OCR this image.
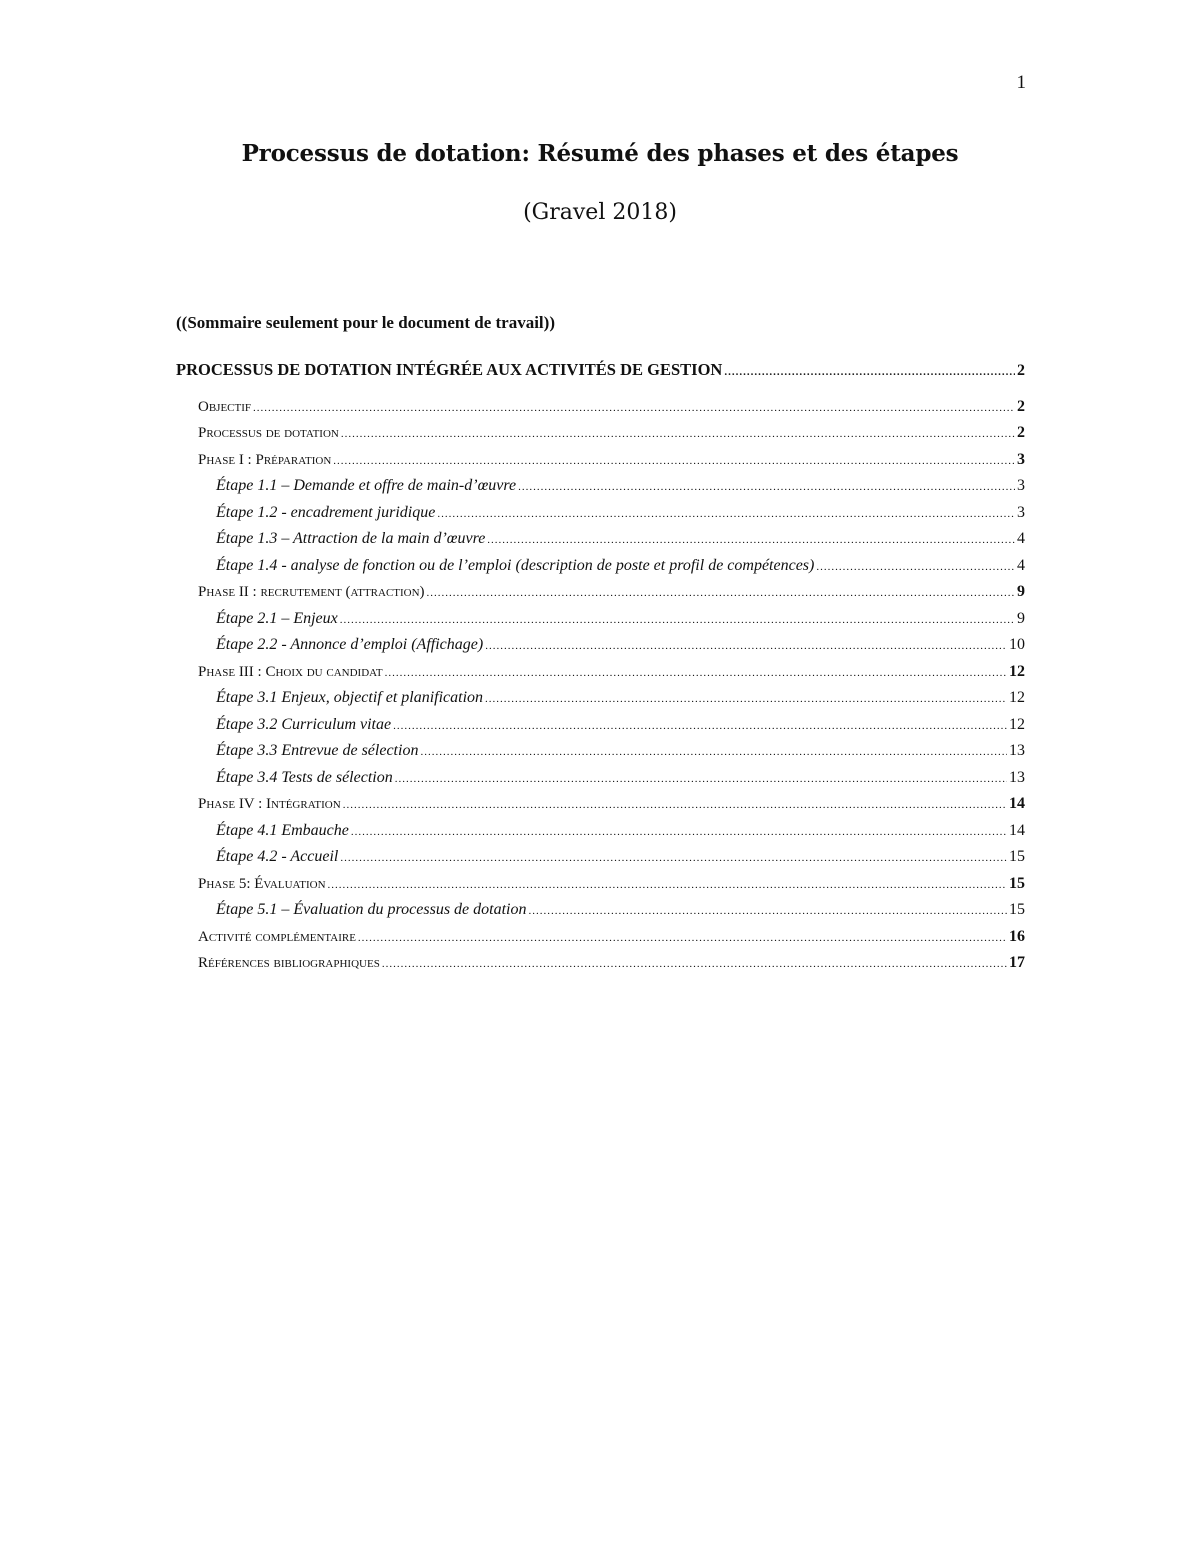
1
Processus de dotation: Résumé des phases et des étapes
(Gravel 2018)
((Sommaire seulement pour le document de travail))
PROCESSUS DE DOTATION INTÉGRÉE AUX ACTIVITÉS DE GESTION .....	2
Objectif .....	2
Processus de dotation .....	2
Phase I : Préparation .....	3
Étape 1.1 – Demande et offre de main-d’œuvre .....	3
Étape 1.2 - encadrement juridique .....	3
Étape 1.3 – Attraction de la main d’œuvre .....	4
Étape 1.4 - analyse de fonction ou de l’emploi (description de poste et profil de compétences) .....	4
Phase II : recrutement (attraction) .....	9
Étape 2.1 – Enjeux .....	9
Étape 2.2 - Annonce d’emploi (Affichage) .....	10
Phase III : Choix du candidat .....	12
Étape 3.1 Enjeux, objectif et planification .....	12
Étape 3.2 Curriculum vitae .....	12
Étape 3.3 Entrevue de sélection .....	13
Étape 3.4 Tests de sélection .....	13
Phase IV : Intégration .....	14
Étape 4.1 Embauche .....	14
Étape 4.2 - Accueil .....	15
Phase 5: Évaluation .....	15
Étape 5.1 – Évaluation du processus de dotation .....	15
Activité complémentaire .....	16
Références bibliographiques .....	17
